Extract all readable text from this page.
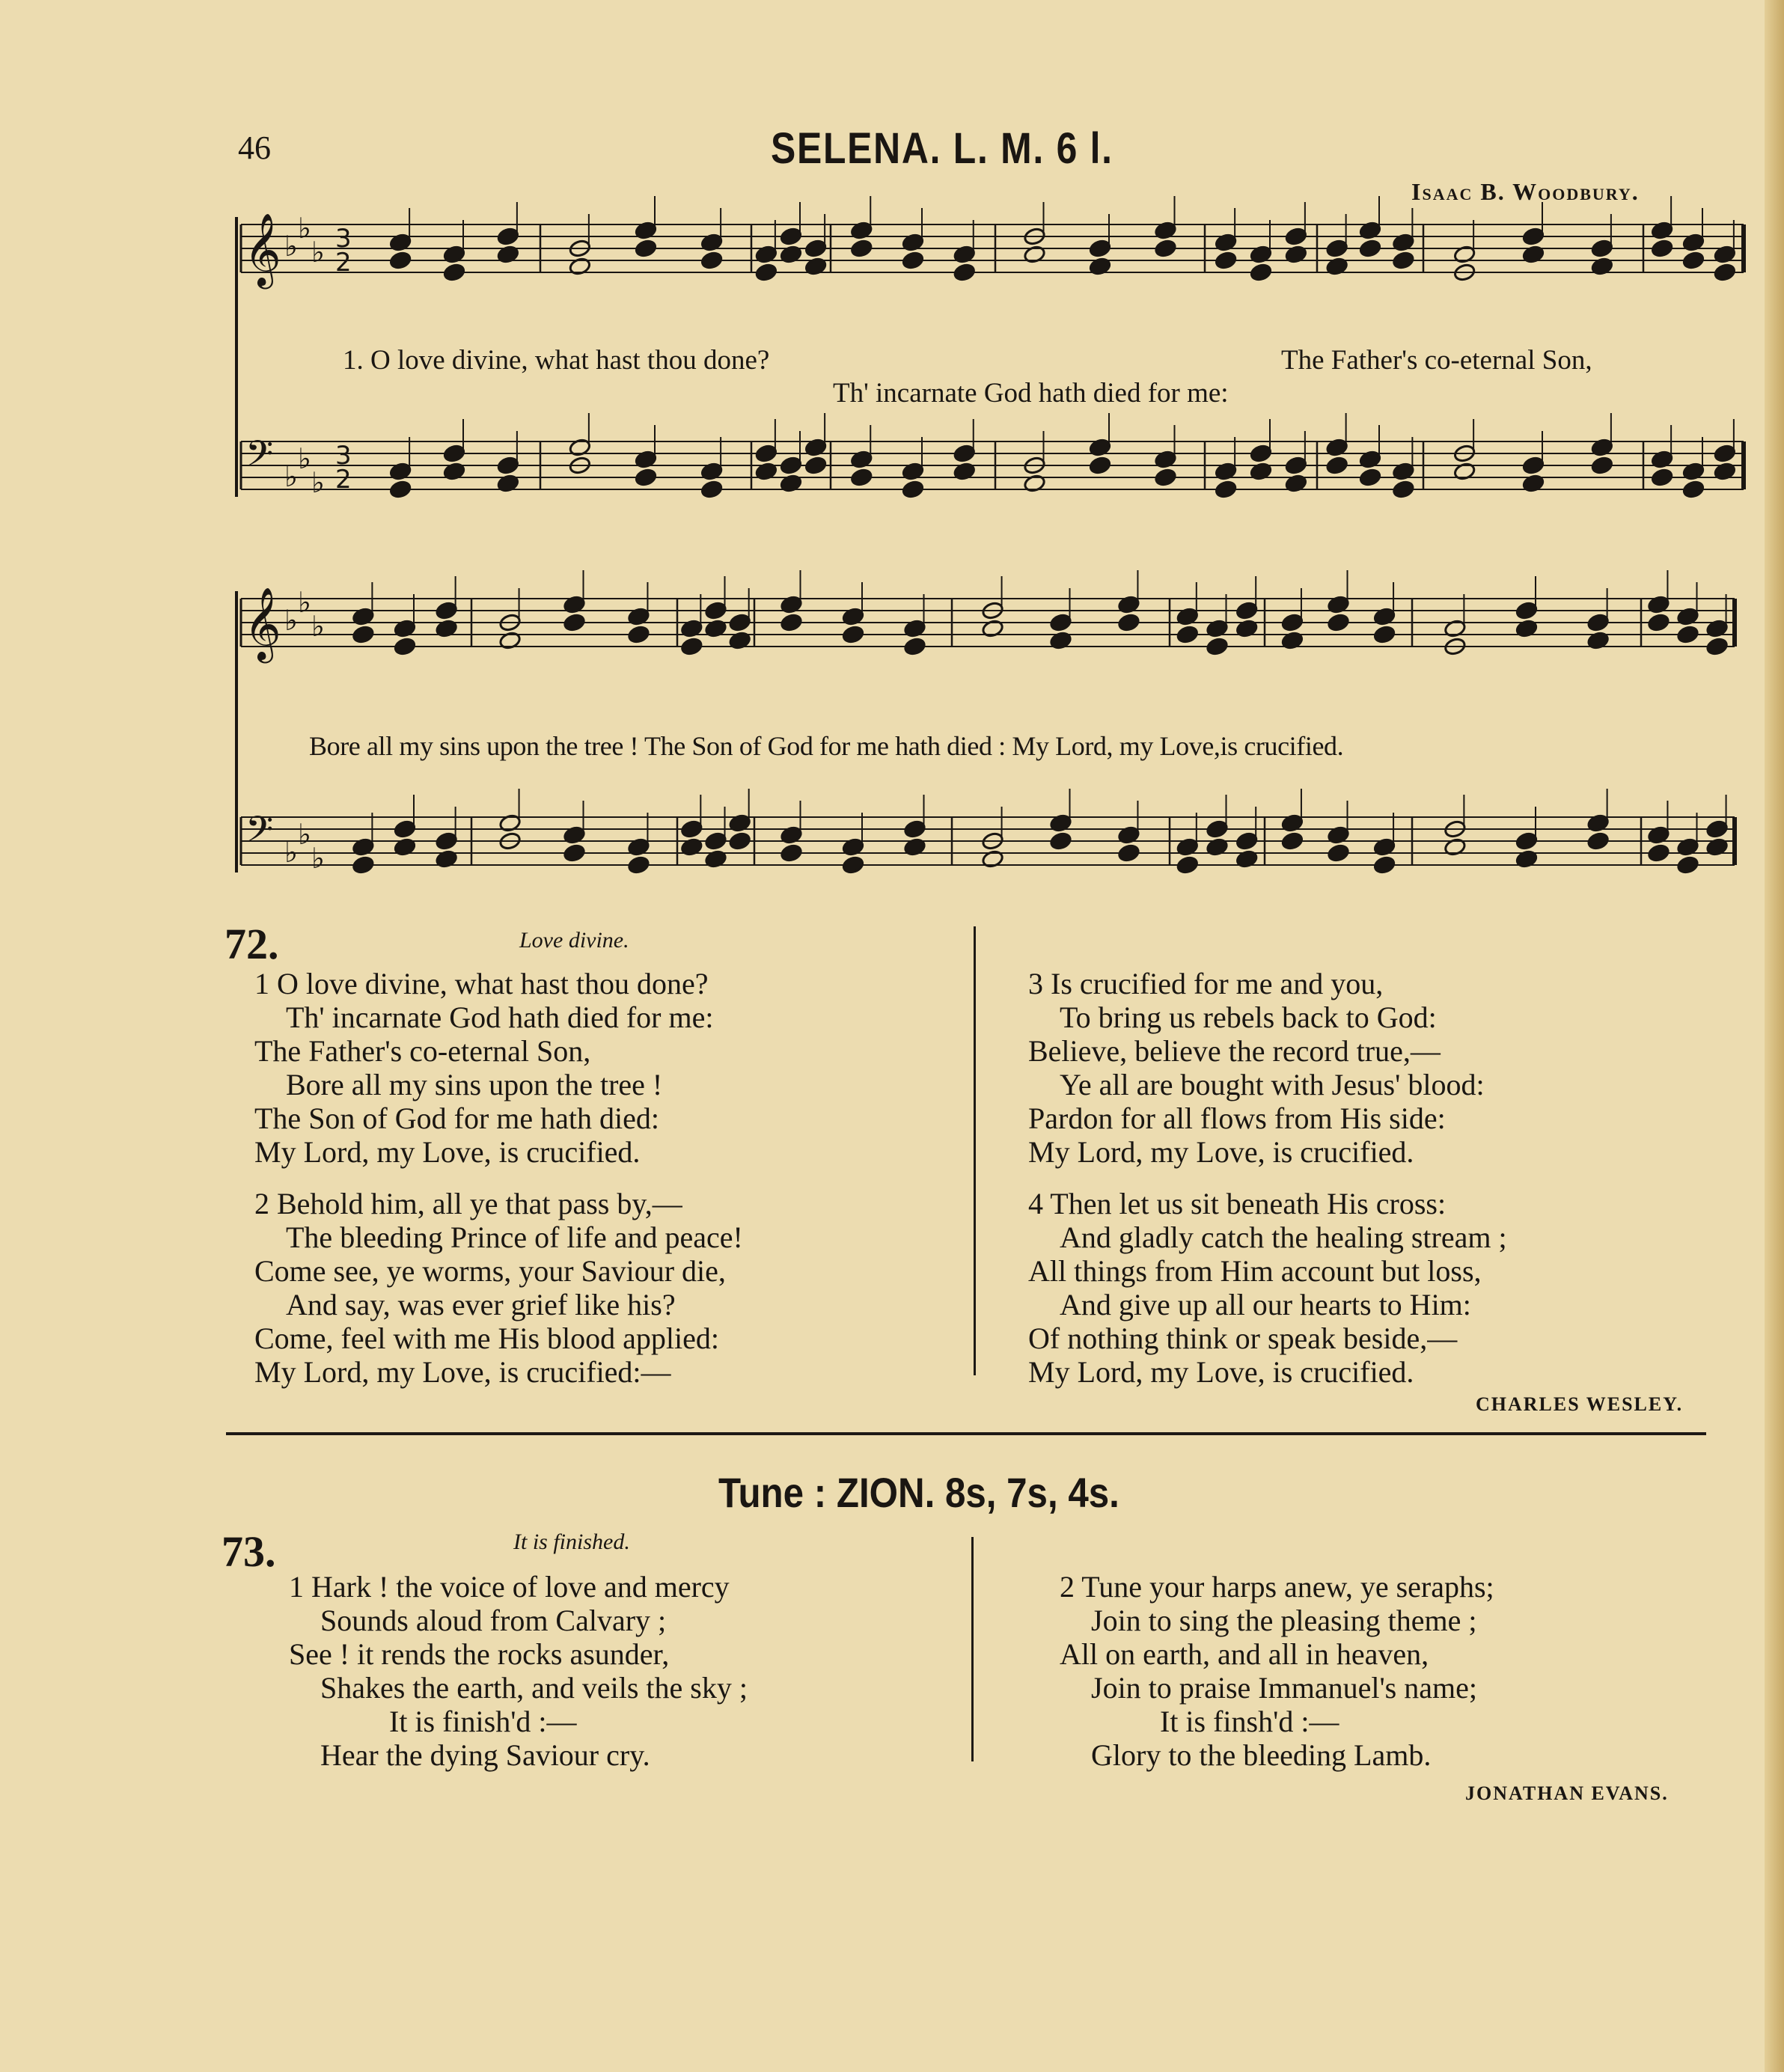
46	SELENA. L. M. 6 l.
Isaac B. Woodbury.
𝄞 ♭
♭
♭ 3
2
𝄢 ♭
♭
♭
3
2
𝄞 ♭
♭
♭
𝄢 ♭
♭
♭
1. O love divine, what hast thou done?	The Father's co-eternal Son,
Th' incarnate God hath died for me:
Bore all my sins upon the tree ! The Son of God for me hath died : My Lord, my Love,is crucified.
72.	Love divine.
1 O love divine, what hast thou done?
Th' incarnate God hath died for me:
The Father's co-eternal Son,
Bore all my sins upon the tree !
The Son of God for me hath died:
My Lord, my Love, is crucified.
2 Behold him, all ye that pass by,—
The bleeding Prince of life and peace!
Come see, ye worms, your Saviour die,
And say, was ever grief like his?
Come, feel with me His blood applied:
My Lord, my Love, is crucified:—
3 Is crucified for me and you,
To bring us rebels back to God:
Believe, believe the record true,—
Ye all are bought with Jesus' blood:
Pardon for all flows from His side:
My Lord, my Love, is crucified.
4 Then let us sit beneath His cross:
And gladly catch the healing stream ;
All things from Him account but loss,
And give up all our hearts to Him:
Of nothing think or speak beside,—
My Lord, my Love, is crucified.
CHARLES WESLEY.
Tune : ZION. 8s, 7s, 4s.
73.	It is finished.
1 Hark ! the voice of love and mercy
Sounds aloud from Calvary ;
See ! it rends the rocks asunder,
Shakes the earth, and veils the sky ;
It is finish'd :—
Hear the dying Saviour cry.
2 Tune your harps anew, ye seraphs;
Join to sing the pleasing theme ;
All on earth, and all in heaven,
Join to praise Immanuel's name;
It is finsh'd :—
Glory to the bleeding Lamb.
JONATHAN EVANS.
